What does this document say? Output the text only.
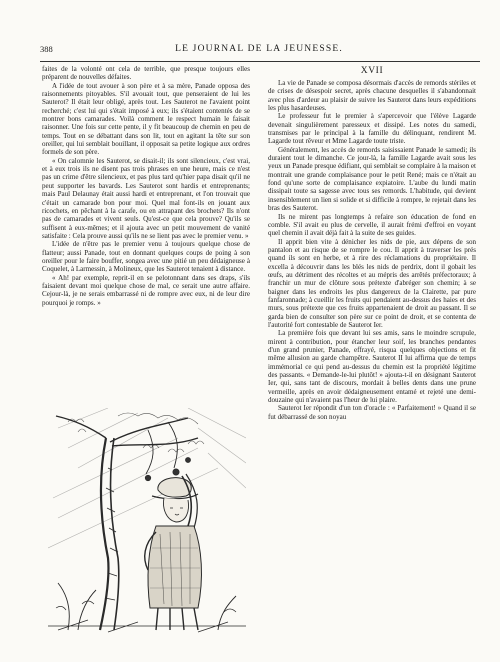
388	LE JOURNAL DE LA JEUNESSE.

faites de la volonté ont cela de terrible, que presque toujours elles préparent de nouvelles défaites.

A l'idée de tout avouer à son père et à sa mère, Panade opposa des raisonnements pitoyables. S'il avouait tout, que penseraient de lui les Sauterot? Il était leur obligé, après tout. Les Sauterot ne l'avaient point recherché; c'est lui qui s'était imposé à eux; ils s'étaient contentés de se montrer bons camarades. Voilà comment le respect humain le faisait raisonner. Une fois sur cette pente, il y fit beaucoup de chemin en peu de temps. Tout en se débattant dans son lit, tout en agitant la tête sur son oreiller, qui lui semblait bouillant, il opposait sa petite logique aux ordres formels de son père.

« On calomnie les Sauterot, se disait-il; ils sont silencieux, c'est vrai, et à eux trois ils ne disent pas trois phrases en une heure, mais ce n'est pas un crime d'être silencieux, et pas plus tard qu'hier papa disait qu'il ne peut supporter les bavards. Les Sauterot sont hardis et entreprenants; mais Paul Delaunay était aussi hardi et entreprenant, et l'on trouvait que c'était un camarade bon pour moi. Quel mal font-ils en jouant aux ricochets, en pêchant à la carafe, ou en attrapant des brochets? Ils n'ont pas de camarades et vivent seuls. Qu'est-ce que cela prouve? Qu'ils se suffisent à eux-mêmes; et il ajouta avec un petit mouvement de vanité satisfaite : Cela prouve aussi qu'ils ne se lient pas avec le premier venu. »

L'idée de n'être pas le premier venu à toujours quelque chose de flatteur; aussi Panade, tout en donnant quelques coups de poing à son oreiller pour le faire bouffer, songea avec une pitié un peu dédaigneuse à Coquelet, à Larmessin, à Molineux, que les Sauterot tenaient à distance.

« Ah! par exemple, reprit-il en se pelotonnant dans ses draps, s'ils faisaient devant moi quelque chose de mal, ce serait une autre affaire. Cejour-là, je ne serais embarrassé ni de rompre avec eux, ni de leur dire pourquoi je romps. »

XVII

La vie de Panade se composa désormais d'accès de remords stériles et de crises de désespoir secret, après chacune desquelles il s'abandonnait avec plus d'ardeur au plaisir de suivre les Sauterot dans leurs expéditions les plus hasardeuses.

Le professeur fut le premier à s'apercevoir que l'élève Lagarde devenait singulièrement paresseux et dissipé. Les notes du samedi, transmises par le principal à la famille du délinquant, rendirent M. Lagarde tout rêveur et Mme Lagarde toute triste.

Généralement, les accès de remords saisissaient Panade le samedi; ils duraient tout le dimanche. Ce jour-là, la famille Lagarde avait sous les yeux un Panade presque édifiant, qui semblait se complaire à la maison et montrait une grande complaisance pour le petit René; mais ce n'était au fond qu'une sorte de complaisance expiatoire. L'aube du lundi matin dissipait toute sa sagesse avec tous ses remords. L'habitude, qui devient insensiblement un lien si solide et si difficile à rompre, le rejetait dans les bras des Sauterot.

Ils ne mirent pas longtemps à refaire son éducation de fond en comble. S'il avait eu plus de cervelle, il aurait frémi d'effroi en voyant quel chemin il avait déjà fait à la suite de ses guides.

Il apprit bien vite à dénicher les nids de pie, aux dépens de son pantalon et au risque de se rompre le cou. Il apprit à traverser les prés quand ils sont en herbe, et à rire des réclamations du propriétaire. Il excella à découvrir dans les blés les nids de perdrix, dont il gobait les œufs, au détriment des récoltes et au mépris des arrêtés préfectoraux; à franchir un mur de clôture sous prétexte d'abréger son chemin; à se baigner dans les endroits les plus dangereux de la Clairette, par pure fanfaronnade; à cueillir les fruits qui pendaient au-dessus des haies et des murs, sous prétexte que ces fruits appartenaient de droit au passant. Il se garda bien de consulter son père sur ce point de droit, et se contenta de l'autorité fort contestable de Sauterot Ier.

La première fois que devant lui ses amis, sans le moindre scrupule, mirent à contribution, pour étancher leur soif, les branches pendantes d'un grand prunier, Panade, effrayé, risqua quelques objections et fit même allusion au garde champêtre. Sauterot II lui affirma que de temps immémorial ce qui pend au-dessus du chemin est la propriété légitime des passants. « Demande-le-lui plutôt! » ajouta-t-il en désignant Sauterot Ier, qui, sans tant de discours, mordait à belles dents dans une prune vermeille, après en avoir dédaigneusement entamé et rejeté une demi-douzaine qui n'avaient pas l'heur de lui plaire.

Sauterot Ier répondit d'un ton d'oracle : « Parfaitement! » Quand il se fut débarrassé de son noyau
